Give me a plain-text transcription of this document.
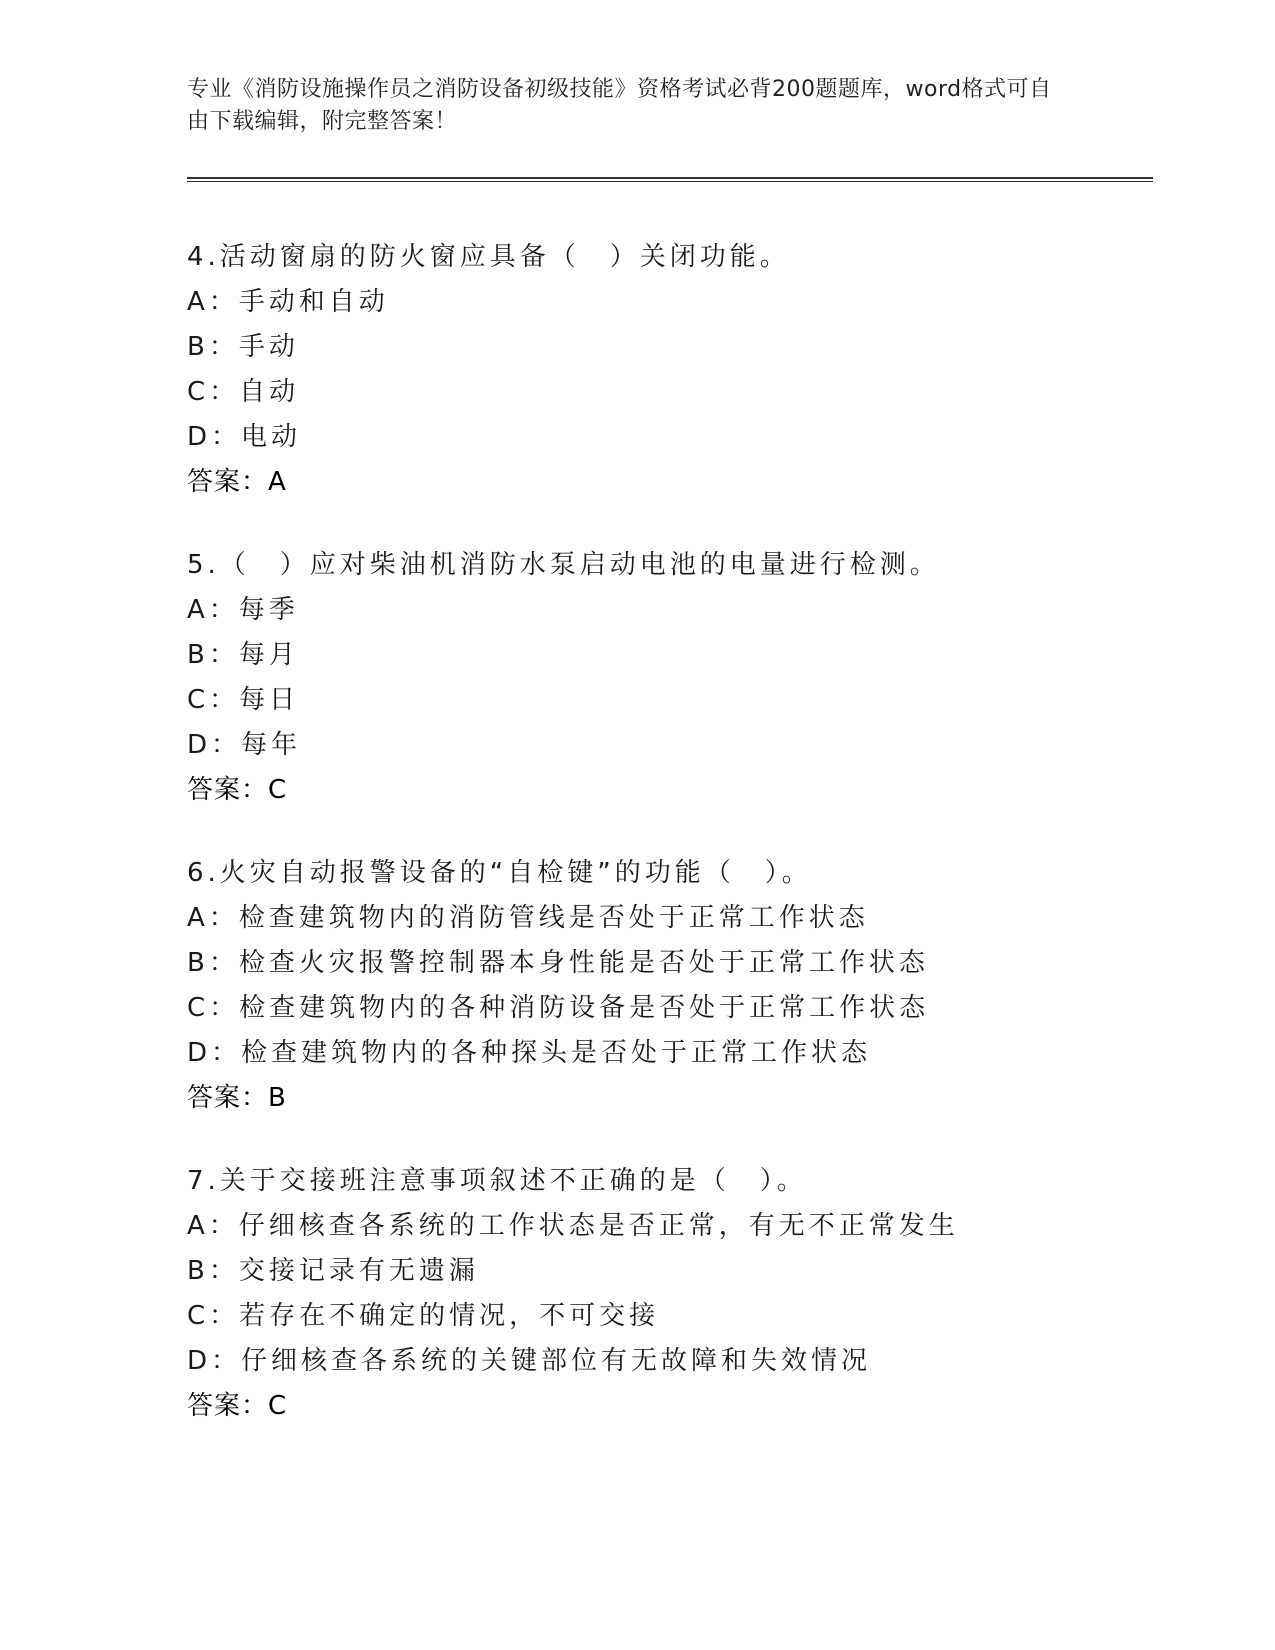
专业《消防设施操作员之消防设备初级技能》资格考试必背200题题库，word格式可自由下载编辑，附完整答案！
4.活动窗扇的防火窗应具备（　）关闭功能。
A：手动和自动
B：手动
C：自动
D：电动
答案：A
5.（　）应对柴油机消防水泵启动电池的电量进行检测。
A：每季
B：每月
C：每日
D：每年
答案：C
6.火灾自动报警设备的“自检键”的功能（　）。
A：检查建筑物内的消防管线是否处于正常工作状态
B：检查火灾报警控制器本身性能是否处于正常工作状态
C：检查建筑物内的各种消防设备是否处于正常工作状态
D：检查建筑物内的各种探头是否处于正常工作状态
答案：B
7.关于交接班注意事项叙述不正确的是（　）。
A：仔细核查各系统的工作状态是否正常，有无不正常发生
B：交接记录有无遗漏
C：若存在不确定的情况，不可交接
D：仔细核查各系统的关键部位有无故障和失效情况
答案：C
